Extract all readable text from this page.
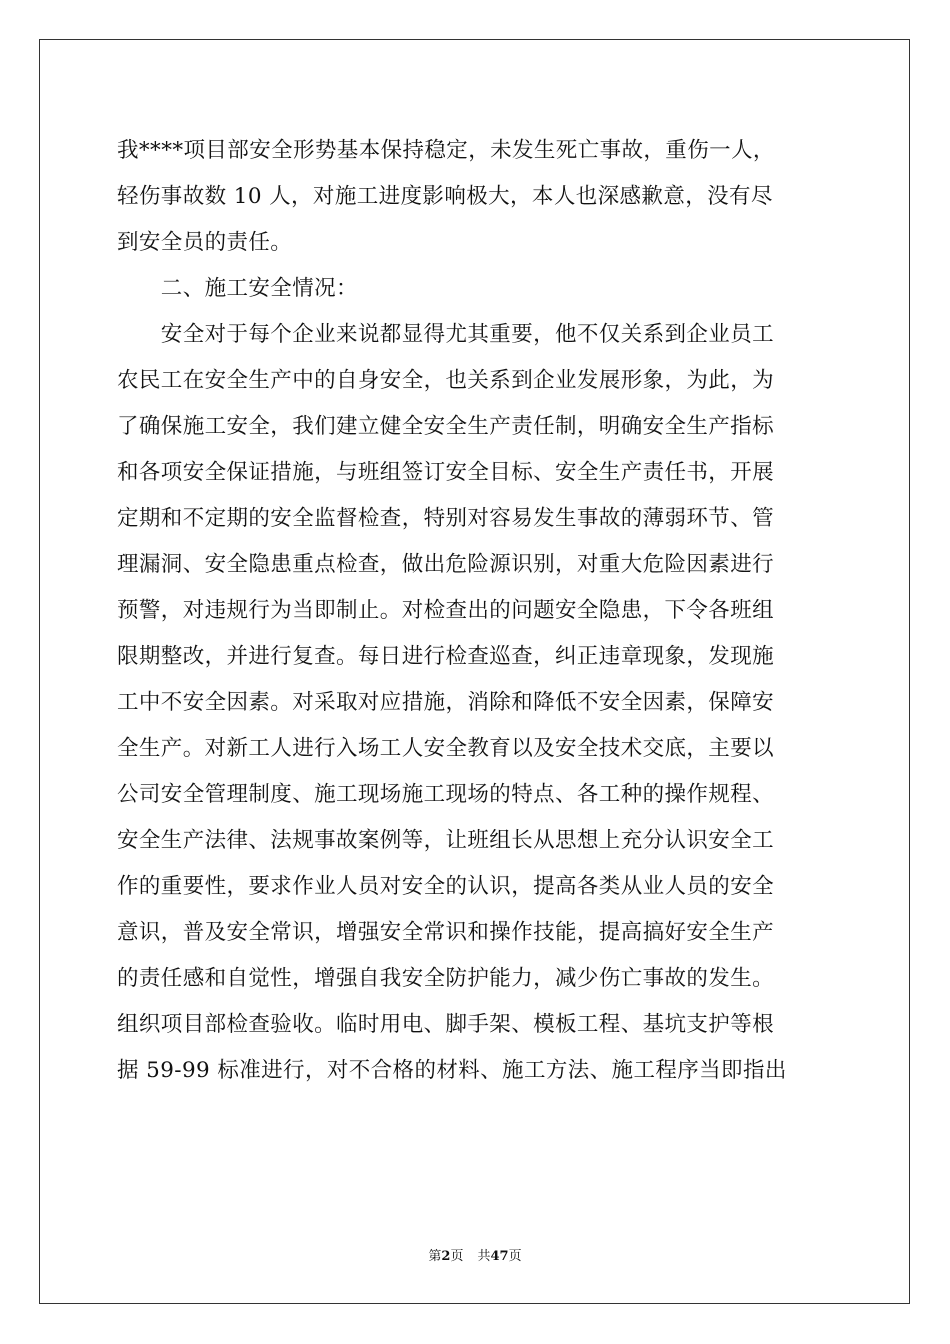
我****项目部安全形势基本保持稳定，未发生死亡事故，重伤一人，

轻伤事故数 10 人，对施工进度影响极大，本人也深感歉意，没有尽

到安全员的责任。

　　二、施工安全情况：

　　安全对于每个企业来说都显得尤其重要，他不仅关系到企业员工

农民工在安全生产中的自身安全，也关系到企业发展形象，为此，为

了确保施工安全，我们建立健全安全生产责任制，明确安全生产指标

和各项安全保证措施，与班组签订安全目标、安全生产责任书，开展

定期和不定期的安全监督检查，特别对容易发生事故的薄弱环节、管

理漏洞、安全隐患重点检查，做出危险源识别，对重大危险因素进行

预警，对违规行为当即制止。对检查出的问题安全隐患，下令各班组

限期整改，并进行复查。每日进行检查巡查，纠正违章现象，发现施

工中不安全因素。对采取对应措施，消除和降低不安全因素，保障安

全生产。对新工人进行入场工人安全教育以及安全技术交底，主要以

公司安全管理制度、施工现场施工现场的特点、各工种的操作规程、

安全生产法律、法规事故案例等，让班组长从思想上充分认识安全工

作的重要性，要求作业人员对安全的认识，提高各类从业人员的安全

意识，普及安全常识，增强安全常识和操作技能，提高搞好安全生产

的责任感和自觉性，增强自我安全防护能力，减少伤亡事故的发生。

组织项目部检查验收。临时用电、脚手架、模板工程、基坑支护等根

据 59-99 标准进行，对不合格的材料、施工方法、施工程序当即指出

第2页 共47页
